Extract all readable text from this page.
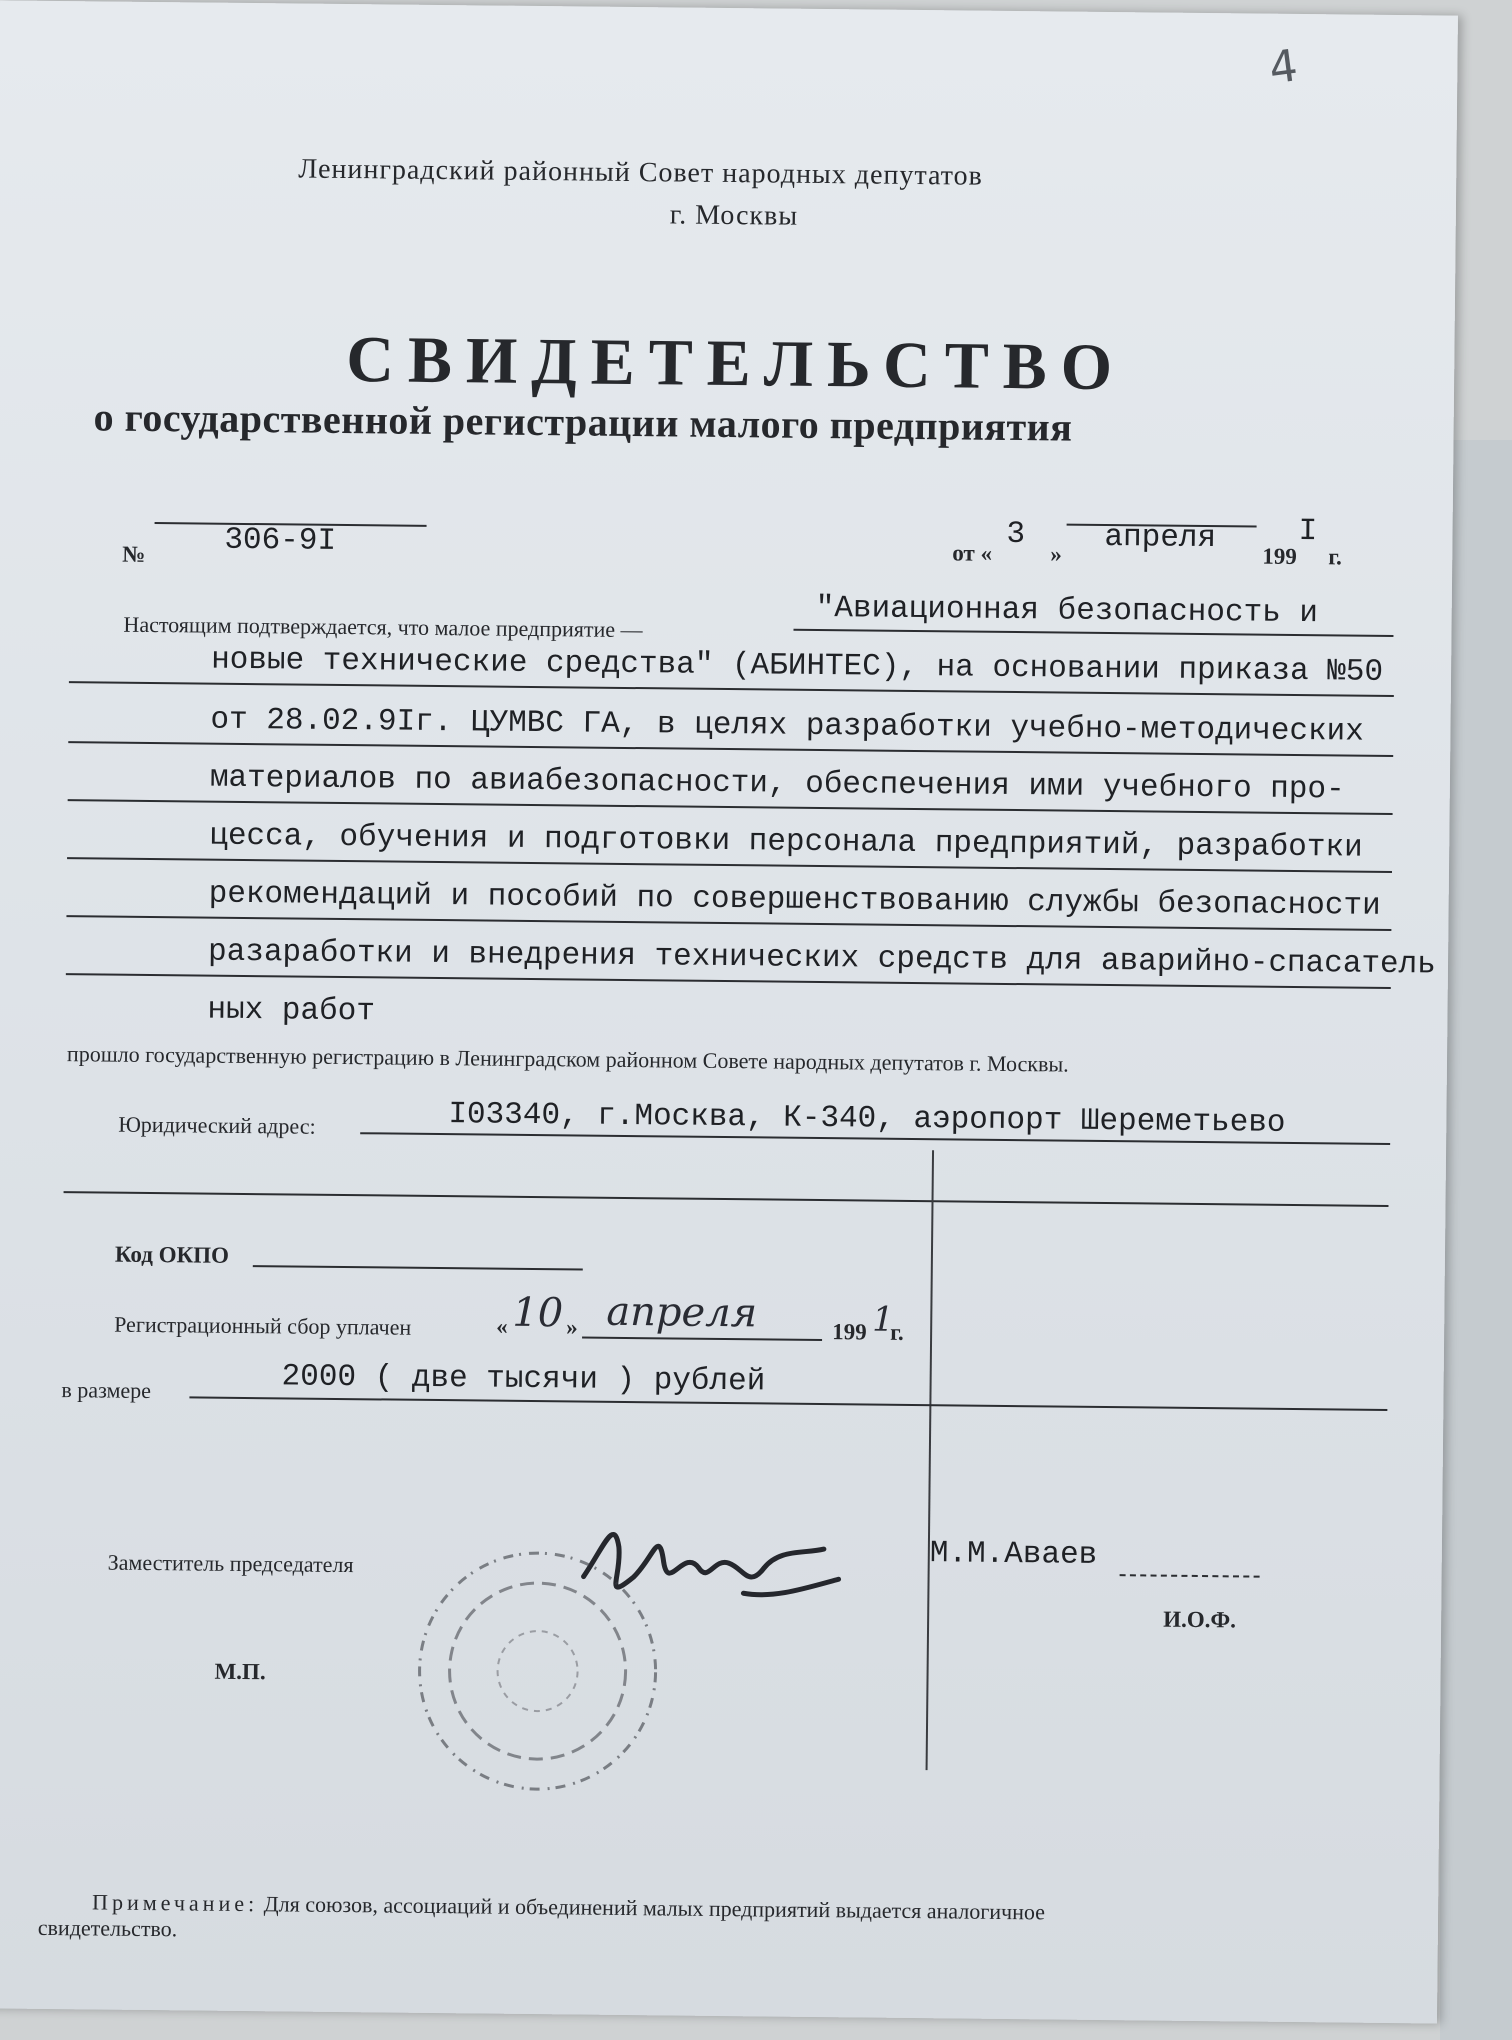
4
Ленинградский районный Совет народных депутатов
г. Москвы
СВИДЕТЕЛЬСТВО
о государственной регистрации малого предприятия
№	306-9I	от «
3
» апреля
199
I
г.
Настоящим подтверждается, что малое предприятие —	"Авиационная безопасность и
новые технические средства" (АБИНТЕС), на основании приказа №50
от 28.02.9Iг. ЦУМВС ГА, в целях разработки учебно-методических
материалов по авиабезопасности, обеспечения ими учебного про-
цесса, обучения и подготовки персонала предприятий, разработки
рекомендаций и пособий по совершенствованию службы безопасности
разаработки и внедрения технических средств для аварийно-спасатель
ных работ
прошло государственную регистрацию в Ленинградском районном Совете народных депутатов г. Москвы.
Юридический адрес:	I03340, г.Москва, К-340, аэропорт Шереметьево
Код ОКПО
Регистрационный сбор уплачен	« 10 » апреля	199 1
г.
в размере	2000 ( две тысячи ) рублей
Заместитель председателя	М.М.Аваев
И.О.Ф.
М.П.
Примечание: Для союзов, ассоциаций и объединений малых предприятий выдается аналогичное
свидетельство.
